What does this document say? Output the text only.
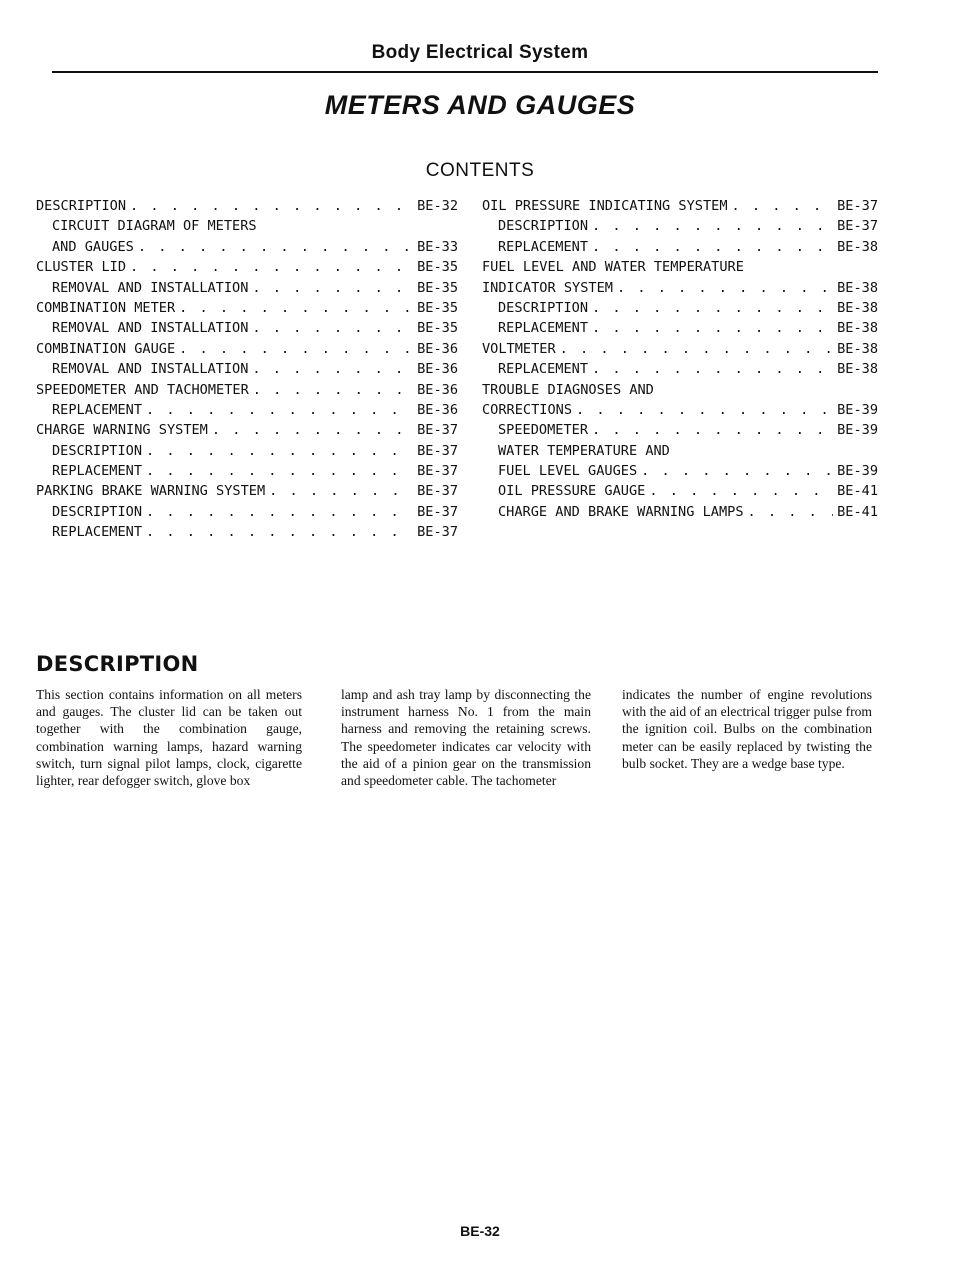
Body Electrical System
METERS AND GAUGES
CONTENTS
DESCRIPTION . . .	BE-32
CIRCUIT DIAGRAM OF METERS
AND GAUGES . . .	BE-33
CLUSTER LID . . .	BE-35
REMOVAL AND INSTALLATION . . .	BE-35
COMBINATION METER . . .	BE-35
REMOVAL AND INSTALLATION . . .	BE-35
COMBINATION GAUGE . . .	BE-36
REMOVAL AND INSTALLATION . . .	BE-36
SPEEDOMETER AND TACHOMETER . . .	BE-36
REPLACEMENT . . .	BE-36
CHARGE WARNING SYSTEM . . .	BE-37
DESCRIPTION . . .	BE-37
REPLACEMENT . . .	BE-37
PARKING BRAKE WARNING SYSTEM . . .	BE-37
DESCRIPTION . . .	BE-37
REPLACEMENT . . .	BE-37
OIL PRESSURE INDICATING SYSTEM . . .	BE-37
DESCRIPTION . . .	BE-37
REPLACEMENT . . .	BE-38
FUEL LEVEL AND WATER TEMPERATURE
INDICATOR SYSTEM . . .	BE-38
DESCRIPTION . . .	BE-38
REPLACEMENT . . .	BE-38
VOLTMETER . . .	BE-38
REPLACEMENT . . .	BE-38
TROUBLE DIAGNOSES AND
CORRECTIONS . . .	BE-39
SPEEDOMETER . . .	BE-39
WATER TEMPERATURE AND
FUEL LEVEL GAUGES . . .	BE-39
OIL PRESSURE GAUGE . . .	BE-41
CHARGE AND BRAKE WARNING LAMPS . . .	BE-41
DESCRIPTION

This section contains information on all meters and gauges. The cluster lid can be taken out together with the combination gauge, combination warning lamps, hazard warning switch, turn signal pilot lamps, clock, cigarette lighter, rear defogger switch, glove box

lamp and ash tray lamp by disconnecting the instrument harness No. 1 from the main harness and removing the retaining screws. The speedometer indicates car velocity with the aid of a pinion gear on the transmission and speedometer cable. The tachometer

indicates the number of engine revolutions with the aid of an electrical trigger pulse from the ignition coil. Bulbs on the combination meter can be easily replaced by twisting the bulb socket. They are a wedge base type.

BE-32
